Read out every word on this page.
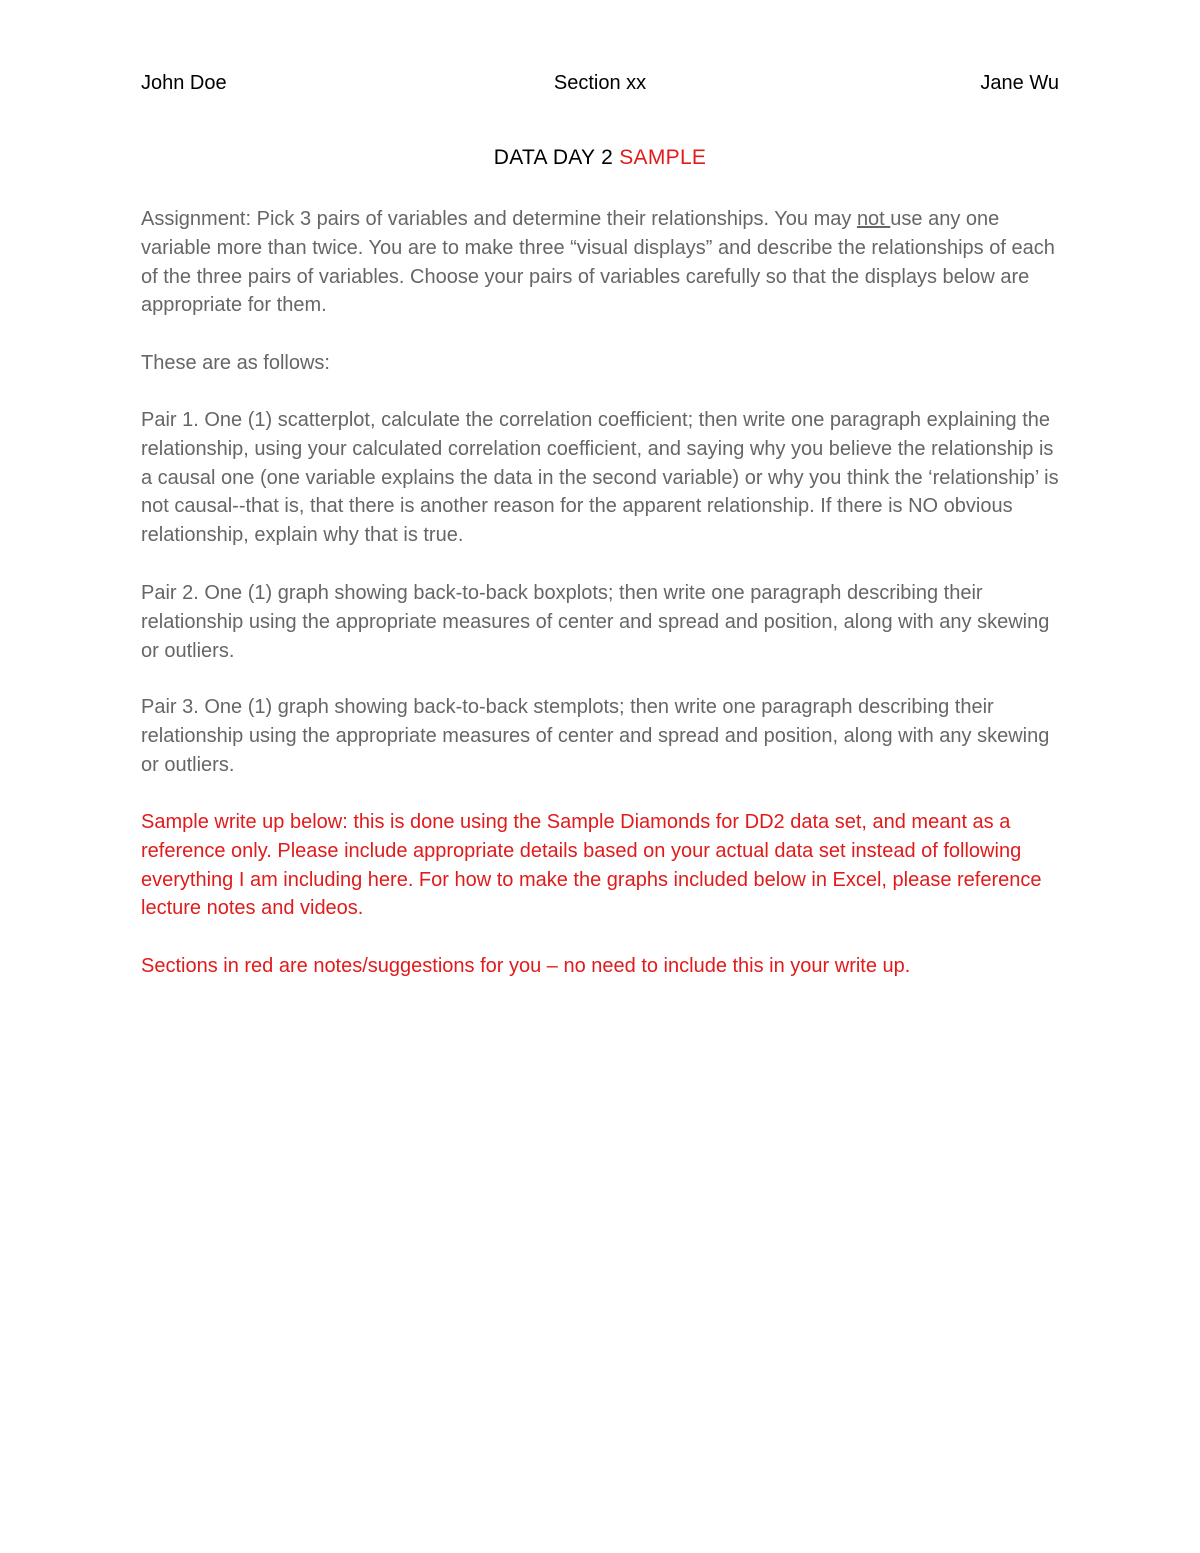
John Doe	Section xx	Jane Wu
DATA DAY 2 SAMPLE

Assignment: Pick 3 pairs of variables and determine their relationships. You may not use any one variable more than twice. You are to make three “visual displays” and describe the relationships of each of the three pairs of variables. Choose your pairs of variables carefully so that the displays below are appropriate for them.

These are as follows:

Pair 1. One (1) scatterplot, calculate the correlation coefficient; then write one paragraph explaining the relationship, using your calculated correlation coefficient, and saying why you believe the relationship is a causal one (one variable explains the data in the second variable) or why you think the ‘relationship’ is not causal--that is, that there is another reason for the apparent relationship. If there is NO obvious relationship, explain why that is true.

Pair 2. One (1) graph showing back-to-back boxplots; then write one paragraph describing their relationship using the appropriate measures of center and spread and position, along with any skewing or outliers.

Pair 3. One (1) graph showing back-to-back stemplots; then write one paragraph describing their relationship using the appropriate measures of center and spread and position, along with any skewing or outliers.

Sample write up below: this is done using the Sample Diamonds for DD2 data set, and meant as a reference only. Please include appropriate details based on your actual data set instead of following everything I am including here. For how to make the graphs included below in Excel, please reference lecture notes and videos.

Sections in red are notes/suggestions for you – no need to include this in your write up.
